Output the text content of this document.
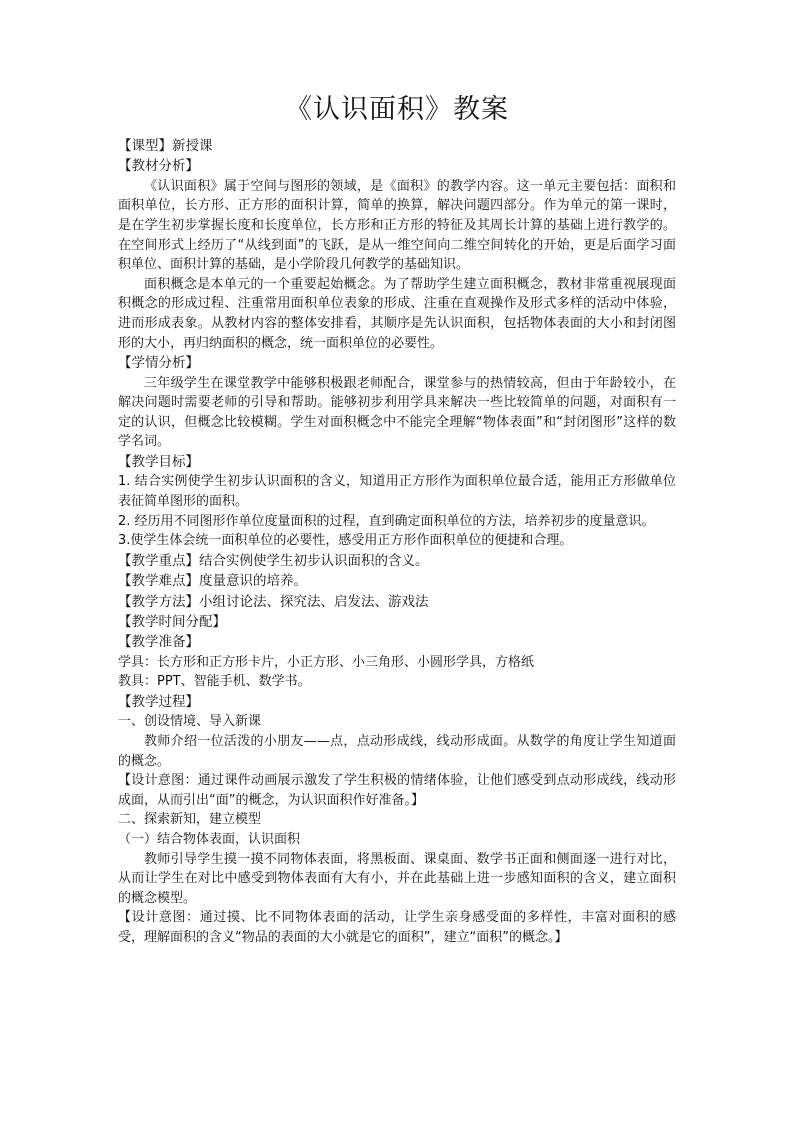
《认识面积》教案
【课型】新授课
【教材分析】
《认识面积》属于空间与图形的领域，是《面积》的教学内容。这一单元主要包括：面积和面积单位，长方形、正方形的面积计算，简单的换算，解决问题四部分。作为单元的第一课时，是在学生初步掌握长度和长度单位，长方形和正方形的特征及其周长计算的基础上进行教学的。在空间形式上经历了“从线到面”的飞跃，是从一维空间向二维空间转化的开始，更是后面学习面积单位、面积计算的基础，是小学阶段几何教学的基础知识。
面积概念是本单元的一个重要起始概念。为了帮助学生建立面积概念，教材非常重视展现面积概念的形成过程、注重常用面积单位表象的形成、注重在直观操作及形式多样的活动中体验，进而形成表象。从教材内容的整体安排看，其顺序是先认识面积，包括物体表面的大小和封闭图形的大小，再归纳面积的概念，统一面积单位的必要性。
【学情分析】
三年级学生在课堂教学中能够积极跟老师配合，课堂参与的热情较高，但由于年龄较小，在解决问题时需要老师的引导和帮助。能够初步利用学具来解决一些比较简单的问题，对面积有一定的认识，但概念比较模糊。学生对面积概念中不能完全理解“物体表面”和“封闭图形”这样的数学名词。
【教学目标】
1. 结合实例使学生初步认识面积的含义，知道用正方形作为面积单位最合适，能用正方形做单位表征简单图形的面积。
2. 经历用不同图形作单位度量面积的过程，直到确定面积单位的方法，培养初步的度量意识。
3.使学生体会统一面积单位的必要性，感受用正方形作面积单位的便捷和合理。
【教学重点】结合实例使学生初步认识面积的含义。
【教学难点】度量意识的培养。
【教学方法】小组讨论法、探究法、启发法、游戏法
【教学时间分配】
【教学准备】
学具：长方形和正方形卡片，小正方形、小三角形、小圆形学具，方格纸
教具：PPT、智能手机、数学书。
【教学过程】
一、创设情境、导入新课
教师介绍一位活泼的小朋友——点，点动形成线，线动形成面。从数学的角度让学生知道面的概念。
【设计意图：通过课件动画展示激发了学生积极的情绪体验，让他们感受到点动形成线，线动形成面，从而引出“面”的概念，为认识面积作好准备。】
二、探索新知，建立模型
（一）结合物体表面，认识面积
教师引导学生摸一摸不同物体表面，将黑板面、课桌面、数学书正面和侧面逐一进行对比，从而让学生在对比中感受到物体表面有大有小，并在此基础上进一步感知面积的含义，建立面积的概念模型。
【设计意图：通过摸、比不同物体表面的活动，让学生亲身感受面的多样性，丰富对面积的感受，理解面积的含义“物品的表面的大小就是它的面积”，建立“面积”的概念。】
